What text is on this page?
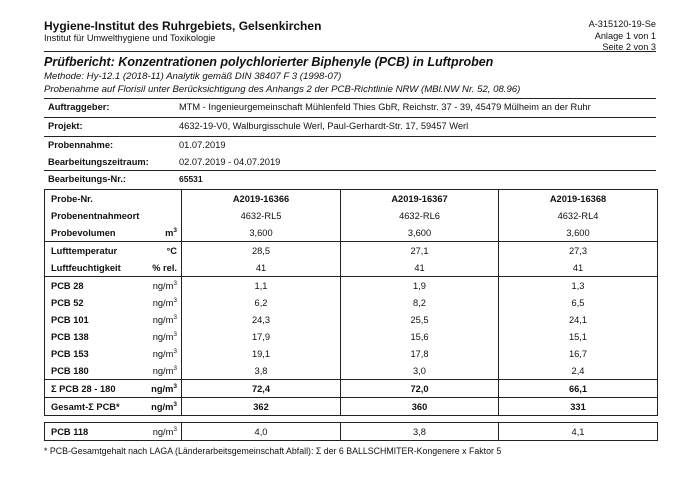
Hygiene-Institut des Ruhrgebiets, Gelsenkirchen
Institut für Umwelthygiene und Toxikologie
A-315120-19-Se
Anlage 1 von 1
Seite 2 von 3
Prüfbericht: Konzentrationen polychlorierter Biphenyle (PCB) in Luftproben
Methode: Hy-12.1 (2018-11) Analytik gemäß DIN 38407 F 3 (1998-07)
Probenahme auf Florisil unter Berücksichtigung des Anhangs 2 der PCB-Richtlinie NRW (MBl.NW Nr. 52, 08.96)
Auftraggeber:	MTM - Ingenieurgemeinschaft Mühlenfeld Thies GbR, Reichstr. 37 - 39, 45479 Mülheim an der Ruhr
Projekt:	4632-19-V0, Walburgisschule Werl, Paul-Gerhardt-Str. 17, 59457 Werl
Probennahme:	01.07.2019
Bearbeitungszeitraum:	02.07.2019 - 04.07.2019
Bearbeitungs-Nr.:	65531
Probe-Nr.		A2019-16366	A2019-16367	A2019-16368
Probenentnahmeort		4632-RL5	4632-RL6	4632-RL4
Probevolumen	$m^3$	3,600	3,600	3,600
Lufttemperatur	°C	28,5	27,1	27,3
Luftfeuchtigkeit	% rel.	41	41	41
PCB 28	$ng/m^3$	1,1	1,9	1,3
PCB 52	$ng/m^3$	6,2	8,2	6,5
PCB 101	$ng/m^3$	24,3	25,5	24,1
PCB 138	$ng/m^3$	17,9	15,6	15,1
PCB 153	$ng/m^3$	19,1	17,8	16,7
PCB 180	$ng/m^3$	3,8	3,0	2,4
Σ PCB 28 - 180	$ng/m^3$	72,4	72,0	66,1
Gesamt-Σ PCB*	$ng/m^3$	362	360	331

PCB 118	$ng/m^3$	4,0	3,8	4,1
* PCB-Gesamtgehalt nach LAGA (Länderarbeitsgemeinschaft Abfall): Σ der 6 BALLSCHMITER-Kongenere x Faktor 5
